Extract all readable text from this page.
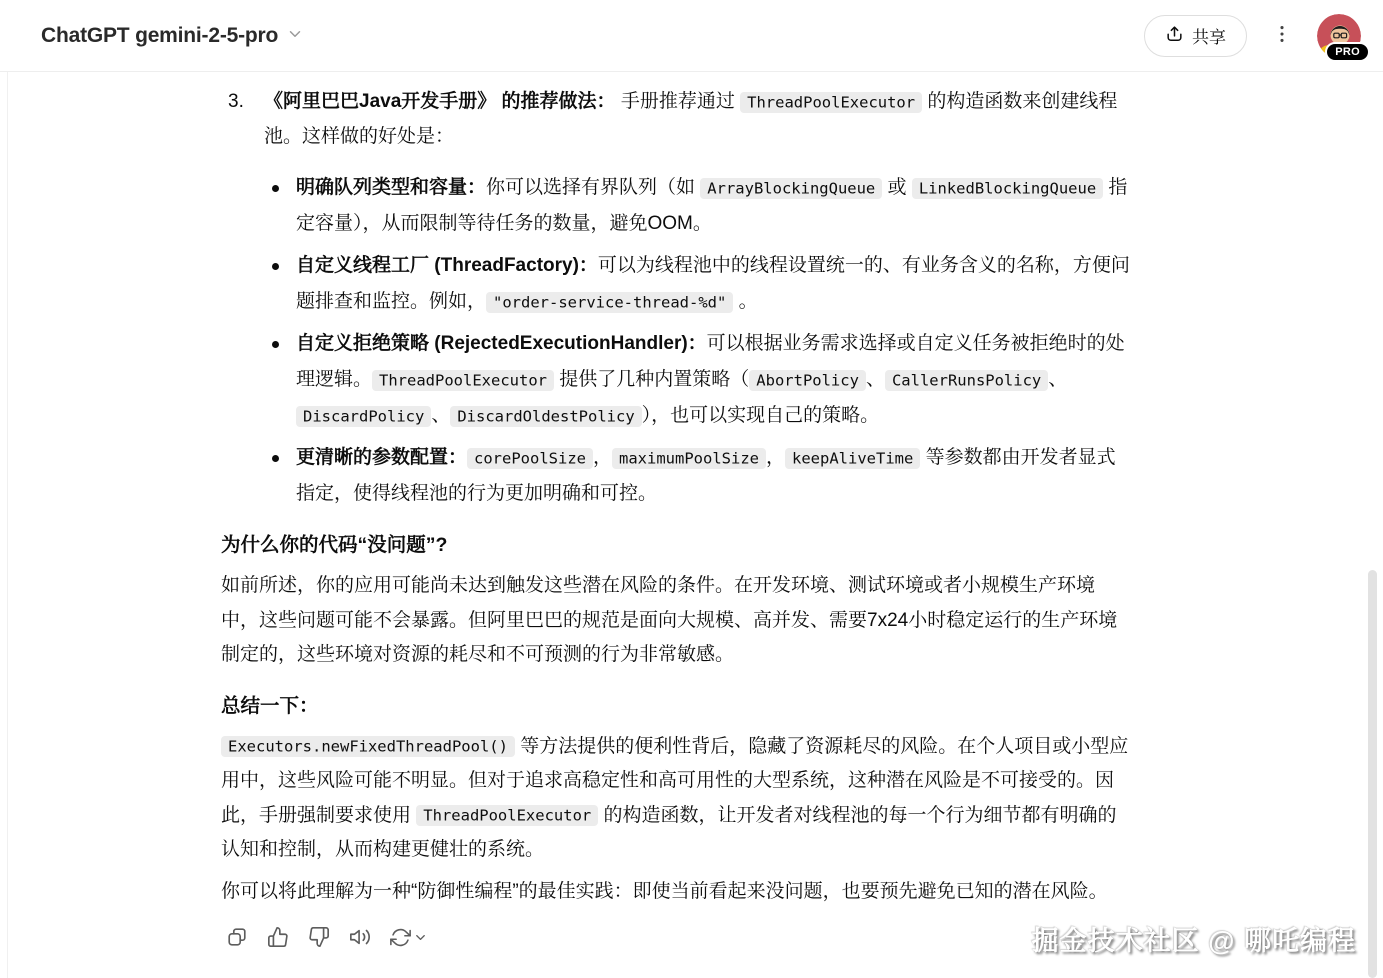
ChatGPT gemini-2-5-pro	共享
PRO
3.	《阿里巴巴Java开发手册》 的推荐做法： 手册推荐通过 ThreadPoolExecutor 的构造函数来创建线程池。这样做的好处是：

明确队列类型和容量：你可以选择有界队列（如 ArrayBlockingQueue 或 LinkedBlockingQueue 指定容量），从而限制等待任务的数量，避免OOM。
自定义线程工厂 (ThreadFactory)：可以为线程池中的线程设置统一的、有业务含义的名称，方便问题排查和监控。例如， "order-service-thread-%d" 。
自定义拒绝策略 (RejectedExecutionHandler)：可以根据业务需求选择或自定义任务被拒绝时的处理逻辑。 ThreadPoolExecutor 提供了几种内置策略（ AbortPolicy 、 CallerRunsPolicy 、DiscardPolicy 、 DiscardOldestPolicy ），也可以实现自己的策略。
更清晰的参数配置： corePoolSize ， maximumPoolSize ， keepAliveTime 等参数都由开发者显式指定，使得线程池的行为更加明确和可控。
为什么你的代码“没问题”?

如前所述，你的应用可能尚未达到触发这些潜在风险的条件。在开发环境、测试环境或者小规模生产环境中，这些问题可能不会暴露。但阿里巴巴的规范是面向大规模、高并发、需要7x24小时稳定运行的生产环境制定的，这些环境对资源的耗尽和不可预测的行为非常敏感。

总结一下：

Executors.newFixedThreadPool() 等方法提供的便利性背后，隐藏了资源耗尽的风险。在个人项目或小型应用中，这些风险可能不明显。但对于追求高稳定性和高可用性的大型系统，这种潜在风险是不可接受的。因此，手册强制要求使用 ThreadPoolExecutor 的构造函数，让开发者对线程池的每一个行为细节都有明确的认知和控制，从而构建更健壮的系统。

你可以将此理解为一种“防御性编程”的最佳实践：即使当前看起来没问题，也要预先避免已知的潜在风险。

掘金技术社区 @ 哪吒编程
